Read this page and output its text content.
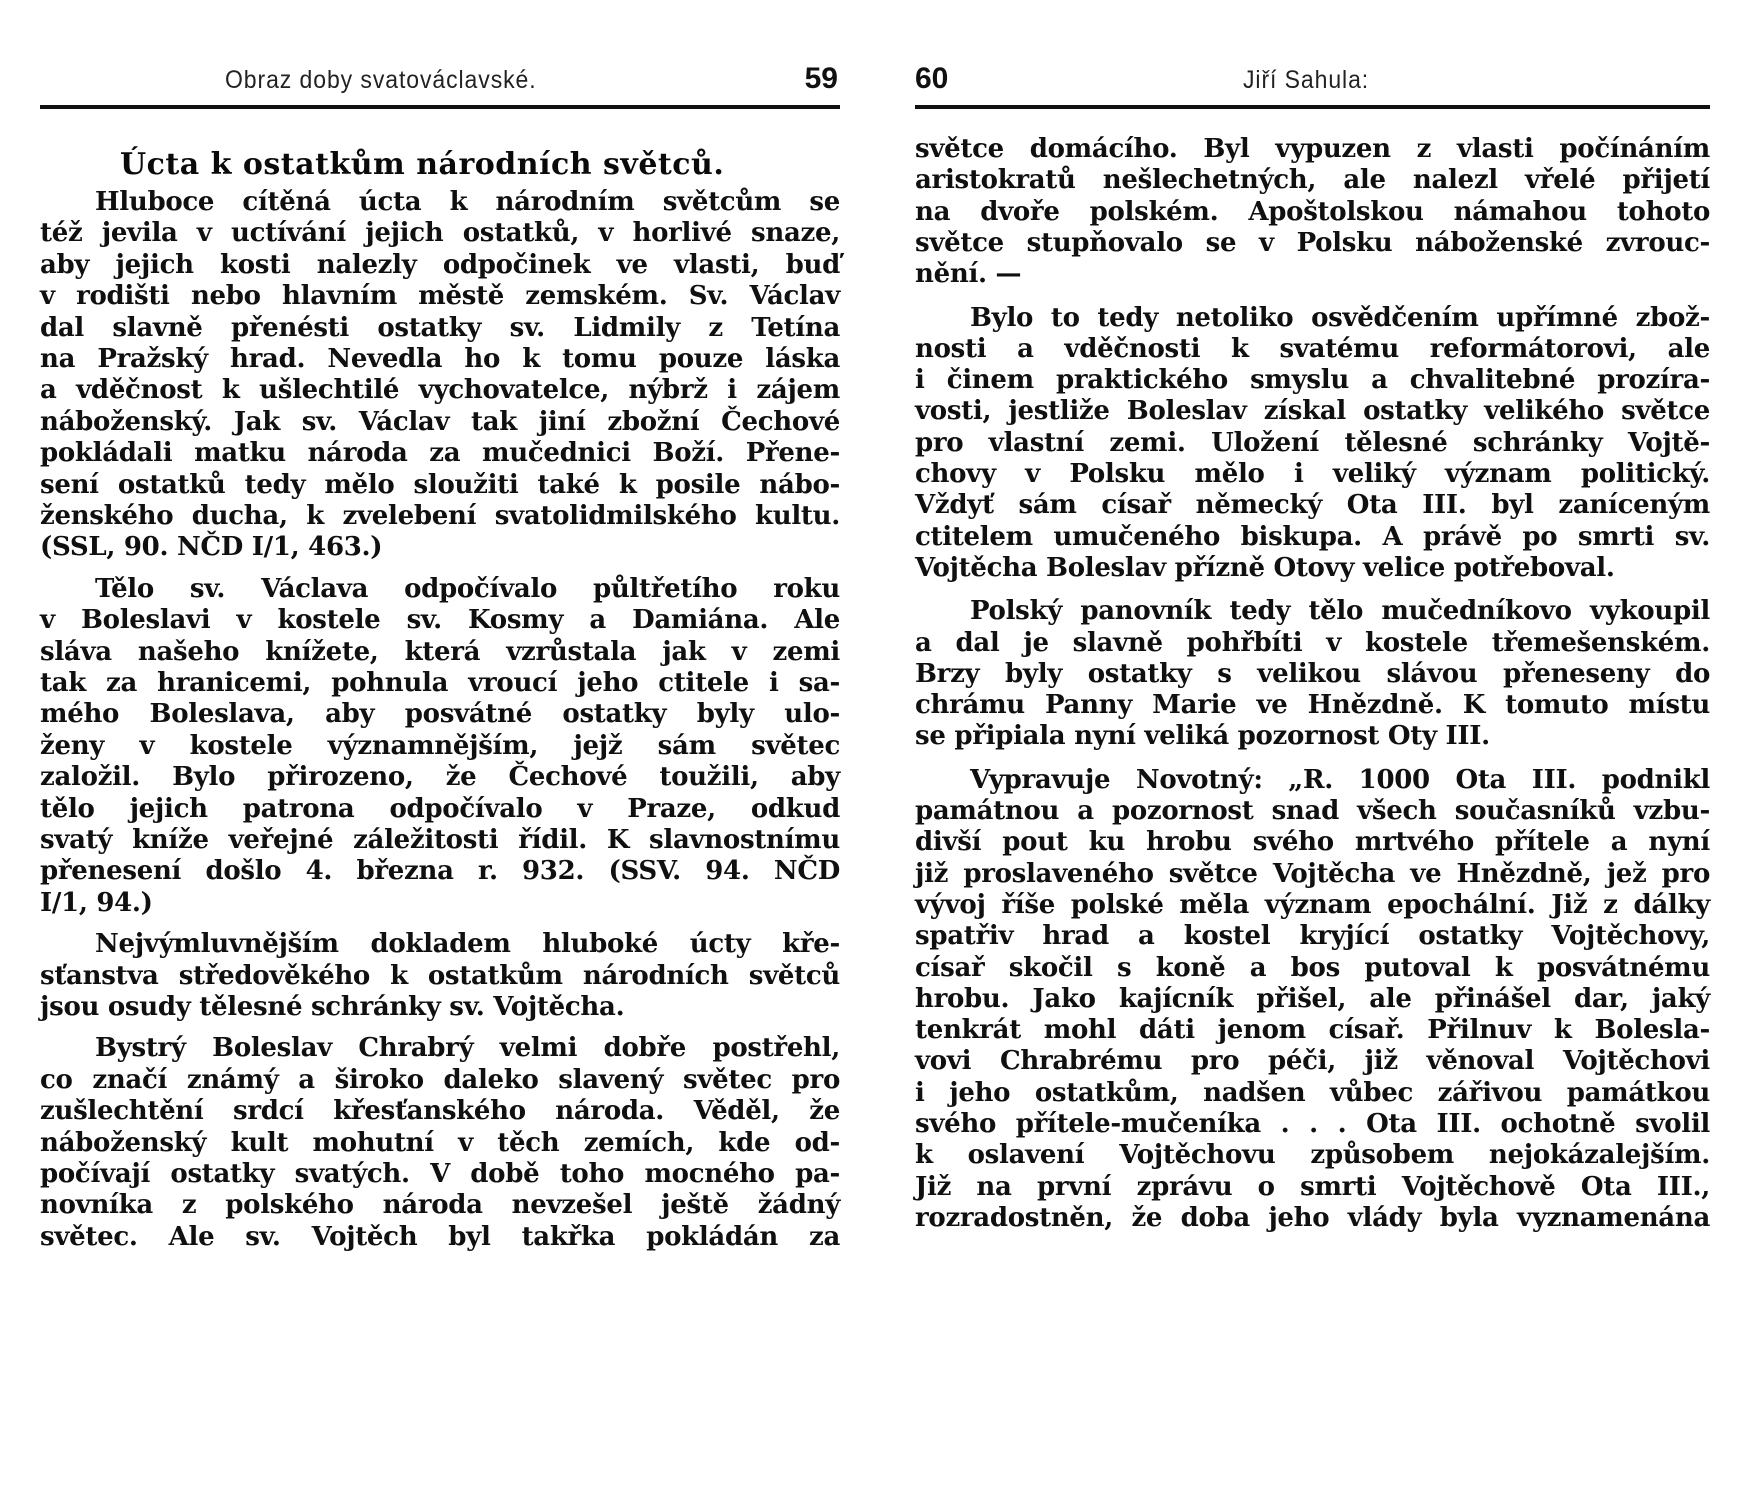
Obraz doby svatováclavské.	59
Úcta k ostatkům národních světců.
Hluboce cítěná úcta k národním světcům se
též jevila v uctívání jejich ostatků, v horlivé snaze,
aby jejich kosti nalezly odpočinek ve vlasti, buď
v rodišti nebo hlavním městě zemském. Sv. Václav
dal slavně přenésti ostatky sv. Lidmily z Tetína
na Pražský hrad. Nevedla ho k tomu pouze láska
a vděčnost k ušlechtilé vychovatelce, nýbrž i zájem
náboženský. Jak sv. Václav tak jiní zbožní Čechové
pokládali matku národa za mučednici Boží. Přene-
sení ostatků tedy mělo sloužiti také k posile nábo-
ženského ducha, k zvelebení svatolidmilského kultu.
(SSL, 90. NČD I/1, 463.)
Tělo sv. Václava odpočívalo půltřetího roku
v Boleslavi v kostele sv. Kosmy a Damiána. Ale
sláva našeho knížete, která vzrůstala jak v zemi
tak za hranicemi, pohnula vroucí jeho ctitele i sa-
mého Boleslava, aby posvátné ostatky byly ulo-
ženy v kostele významnějším, jejž sám světec
založil. Bylo přirozeno, že Čechové toužili, aby
tělo jejich patrona odpočívalo v Praze, odkud
svatý kníže veřejné záležitosti řídil. K slavnostnímu
přenesení došlo 4. března r. 932. (SSV. 94. NČD
I/1, 94.)
Nejvýmluvnějším dokladem hluboké úcty kře-
sťanstva středověkého k ostatkům národních světců
jsou osudy tělesné schránky sv. Vojtěcha.
Bystrý Boleslav Chrabrý velmi dobře postřehl,
co značí známý a široko daleko slavený světec pro
zušlechtění srdcí křesťanského národa. Věděl, že
náboženský kult mohutní v těch zemích, kde od-
počívají ostatky svatých. V době toho mocného pa-
novníka z polského národa nevzešel ještě žádný
světec. Ale sv. Vojtěch byl takřka pokládán za
60	Jiří Sahula:
světce domácího. Byl vypuzen z vlasti počínáním
aristokratů nešlechetných, ale nalezl vřelé přijetí
na dvoře polském. Apoštolskou námahou tohoto
světce stupňovalo se v Polsku náboženské zvrouc-
nění. —
Bylo to tedy netoliko osvědčením upřímné zbož-
nosti a vděčnosti k svatému reformátorovi, ale
i činem praktického smyslu a chvalitebné prozíra-
vosti, jestliže Boleslav získal ostatky velikého světce
pro vlastní zemi. Uložení tělesné schránky Vojtě-
chovy v Polsku mělo i veliký význam politický.
Vždyť sám císař německý Ota III. byl zaníceným
ctitelem umučeného biskupa. A právě po smrti sv.
Vojtěcha Boleslav přízně Otovy velice potřeboval.
Polský panovník tedy tělo mučedníkovo vykoupil
a dal je slavně pohřbíti v kostele třemešenském.
Brzy byly ostatky s velikou slávou přeneseny do
chrámu Panny Marie ve Hnězdně. K tomuto místu
se připiala nyní veliká pozornost Oty III.
Vypravuje Novotný: „R. 1000 Ota III. podnikl
památnou a pozornost snad všech současníků vzbu-
divší pout ku hrobu svého mrtvého přítele a nyní
již proslaveného světce Vojtěcha ve Hnězdně, jež pro
vývoj říše polské měla význam epochální. Již z dálky
spatřiv hrad a kostel kryjící ostatky Vojtěchovy,
císař skočil s koně a bos putoval k posvátnému
hrobu. Jako kajícník přišel, ale přinášel dar, jaký
tenkrát mohl dáti jenom císař. Přilnuv k Bolesla-
vovi Chrabrému pro péči, již věnoval Vojtěchovi
i jeho ostatkům, nadšen vůbec zářivou památkou
svého přítele-mučeníka . . . Ota III. ochotně svolil
k oslavení Vojtěchovu způsobem nejokázalejším.
Již na první zprávu o smrti Vojtěchově Ota III.,
rozradostněn, že doba jeho vlády byla vyznamenána
